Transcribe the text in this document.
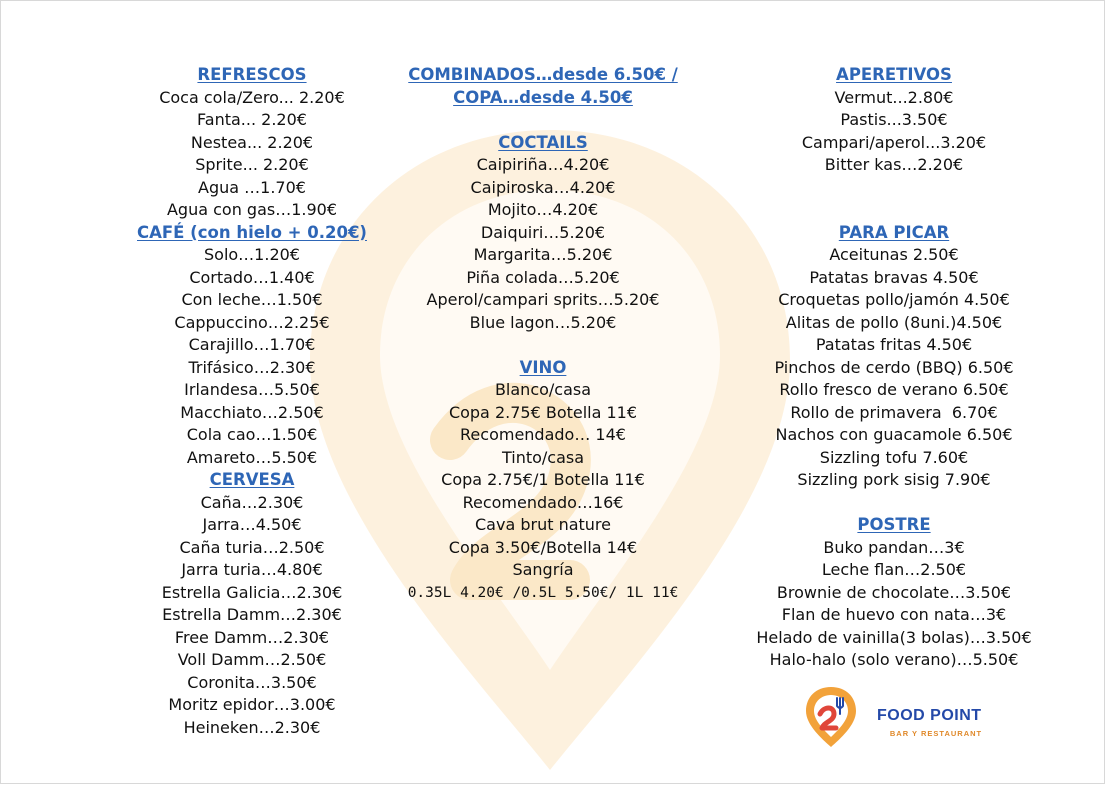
REFRESCOS
Coca cola/Zero... 2.20€
Fanta... 2.20€
Nestea... 2.20€
Sprite... 2.20€
Agua …1.70€
Agua con gas…1.90€
CAFÉ (con hielo + 0.20€)
Solo…1.20€
Cortado…1.40€
Con leche…1.50€
Cappuccino…2.25€
Carajillo…1.70€
Trifásico…2.30€
Irlandesa…5.50€
Macchiato…2.50€
Cola cao…1.50€
Amareto…5.50€
CERVESA
Caña…2.30€
Jarra…4.50€
Caña turia…2.50€
Jarra turia…4.80€
Estrella Galicia…2.30€
Estrella Damm…2.30€
Free Damm…2.30€
Voll Damm…2.50€
Coronita…3.50€
Moritz epidor…3.00€
Heineken…2.30€
COMBINADOS…desde 6.50€ /
COPA…desde 4.50€
COCTAILS
Caipiriña…4.20€
Caipiroska…4.20€
Mojito…4.20€
Daiquiri…5.20€
Margarita…5.20€
Piña colada…5.20€
Aperol/campari sprits…5.20€
Blue lagon…5.20€
VINO
Blanco/casa
Copa 2.75€ Botella 11€
Recomendado… 14€
Tinto/casa
Copa 2.75€/1 Botella 11€
Recomendado…16€
Cava brut nature
Copa 3.50€/Botella 14€
Sangría
0.35L 4.20€ /0.5L 5.50€/ 1L 11€
APERETIVOS
Vermut...2.80€
Pastis...3.50€
Campari/aperol...3.20€
Bitter kas…2.20€
PARA PICAR
Aceitunas 2.50€
Patatas bravas 4.50€
Croquetas pollo/jamón 4.50€
Alitas de pollo (8uni.)4.50€
Patatas fritas 4.50€
Pinchos de cerdo (BBQ) 6.50€
Rollo fresco de verano 6.50€
Rollo de primavera  6.70€
Nachos con guacamole 6.50€
Sizzling tofu 7.60€
Sizzling pork sisig 7.90€
POSTRE
Buko pandan…3€
Leche flan…2.50€
Brownie de chocolate…3.50€
Flan de huevo con nata…3€
Helado de vainilla(3 bolas)…3.50€
Halo-halo (solo verano)…5.50€
FOOD POINT
BAR Y RESTAURANT
